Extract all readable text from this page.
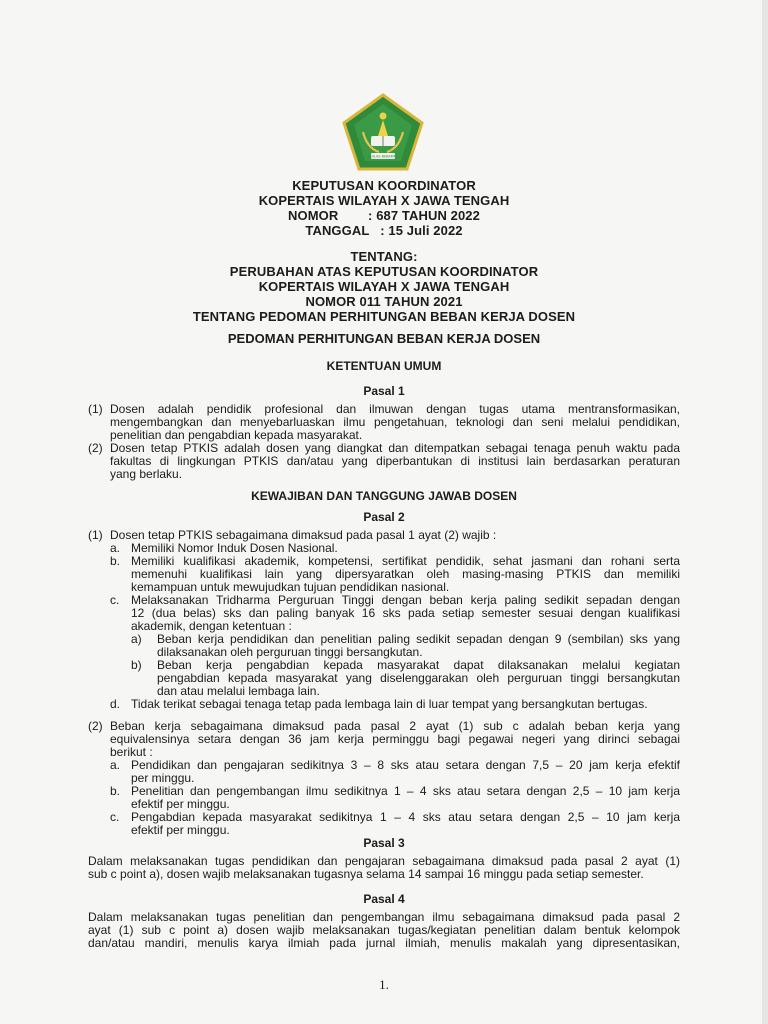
IKHLAS BERAMAL
KEPUTUSAN KOORDINATOR
KOPERTAIS WILAYAH X JAWA TENGAH
NOMOR        : 687 TAHUN 2022
TANGGAL   : 15 Juli 2022
TENTANG:
PERUBAHAN ATAS KEPUTUSAN KOORDINATOR
KOPERTAIS WILAYAH X JAWA TENGAH
NOMOR 011 TAHUN 2021
TENTANG PEDOMAN PERHITUNGAN BEBAN KERJA DOSEN
PEDOMAN PERHITUNGAN BEBAN KERJA DOSEN
KETENTUAN UMUM
Pasal 1
(1) Dosen adalah pendidik profesional dan ilmuwan dengan tugas utama mentransformasikan,
mengembangkan dan menyebarluaskan ilmu pengetahuan, teknologi dan seni melalui pendidikan,
penelitian dan pengabdian kepada masyarakat.
(2) Dosen tetap PTKIS adalah dosen yang diangkat dan ditempatkan sebagai tenaga penuh waktu pada
fakultas di lingkungan PTKIS dan/atau yang diperbantukan di institusi lain berdasarkan peraturan
yang berlaku.
KEWAJIBAN DAN TANGGUNG JAWAB DOSEN
Pasal 2
(1) Dosen tetap PTKIS sebagaimana dimaksud pada pasal 1 ayat (2) wajib :
a. Memiliki Nomor Induk Dosen Nasional.
b. Memiliki kualifikasi akademik, kompetensi, sertifikat pendidik, sehat jasmani dan rohani serta
memenuhi kualifikasi lain yang dipersyaratkan oleh masing-masing PTKIS dan memiliki
kemampuan untuk mewujudkan tujuan pendidikan nasional.
c. Melaksanakan Tridharma Perguruan Tinggi dengan beban kerja paling sedikit sepadan dengan
12 (dua belas) sks dan paling banyak 16 sks pada setiap semester sesuai dengan kualifikasi
akademik, dengan ketentuan :
a) Beban kerja pendidikan dan penelitian paling sedikit sepadan dengan 9 (sembilan) sks yang
dilaksanakan oleh perguruan tinggi bersangkutan.
b) Beban kerja pengabdian kepada masyarakat dapat dilaksanakan melalui kegiatan
pengabdian kepada masyarakat yang diselenggarakan oleh perguruan tinggi bersangkutan
dan atau melalui lembaga lain.
d. Tidak terikat sebagai tenaga tetap pada lembaga lain di luar tempat yang bersangkutan bertugas.
(2) Beban kerja sebagaimana dimaksud pada pasal 2 ayat (1) sub c adalah beban kerja yang
equivalensinya setara dengan 36 jam kerja perminggu bagi pegawai negeri yang dirinci sebagai
berikut :
a. Pendidikan dan pengajaran sedikitnya 3 – 8 sks atau setara dengan 7,5 – 20 jam kerja efektif
per minggu.
b. Penelitian dan pengembangan ilmu sedikitnya 1 – 4 sks atau setara dengan 2,5 – 10 jam kerja
efektif per minggu.
c. Pengabdian kepada masyarakat sedikitnya 1 – 4 sks atau setara dengan 2,5 – 10 jam kerja
efektif per minggu.
Pasal 3
Dalam melaksanakan tugas pendidikan dan pengajaran sebagaimana dimaksud pada pasal 2 ayat (1)
sub c point a), dosen wajib melaksanakan tugasnya selama 14 sampai 16 minggu pada setiap semester.
Pasal 4
Dalam melaksanakan tugas penelitian dan pengembangan ilmu sebagaimana dimaksud pada pasal 2
ayat (1) sub c point a) dosen wajib melaksanakan tugas/kegiatan penelitian dalam bentuk kelompok
dan/atau mandiri, menulis karya ilmiah pada jurnal ilmiah, menulis makalah yang dipresentasikan,
1.
